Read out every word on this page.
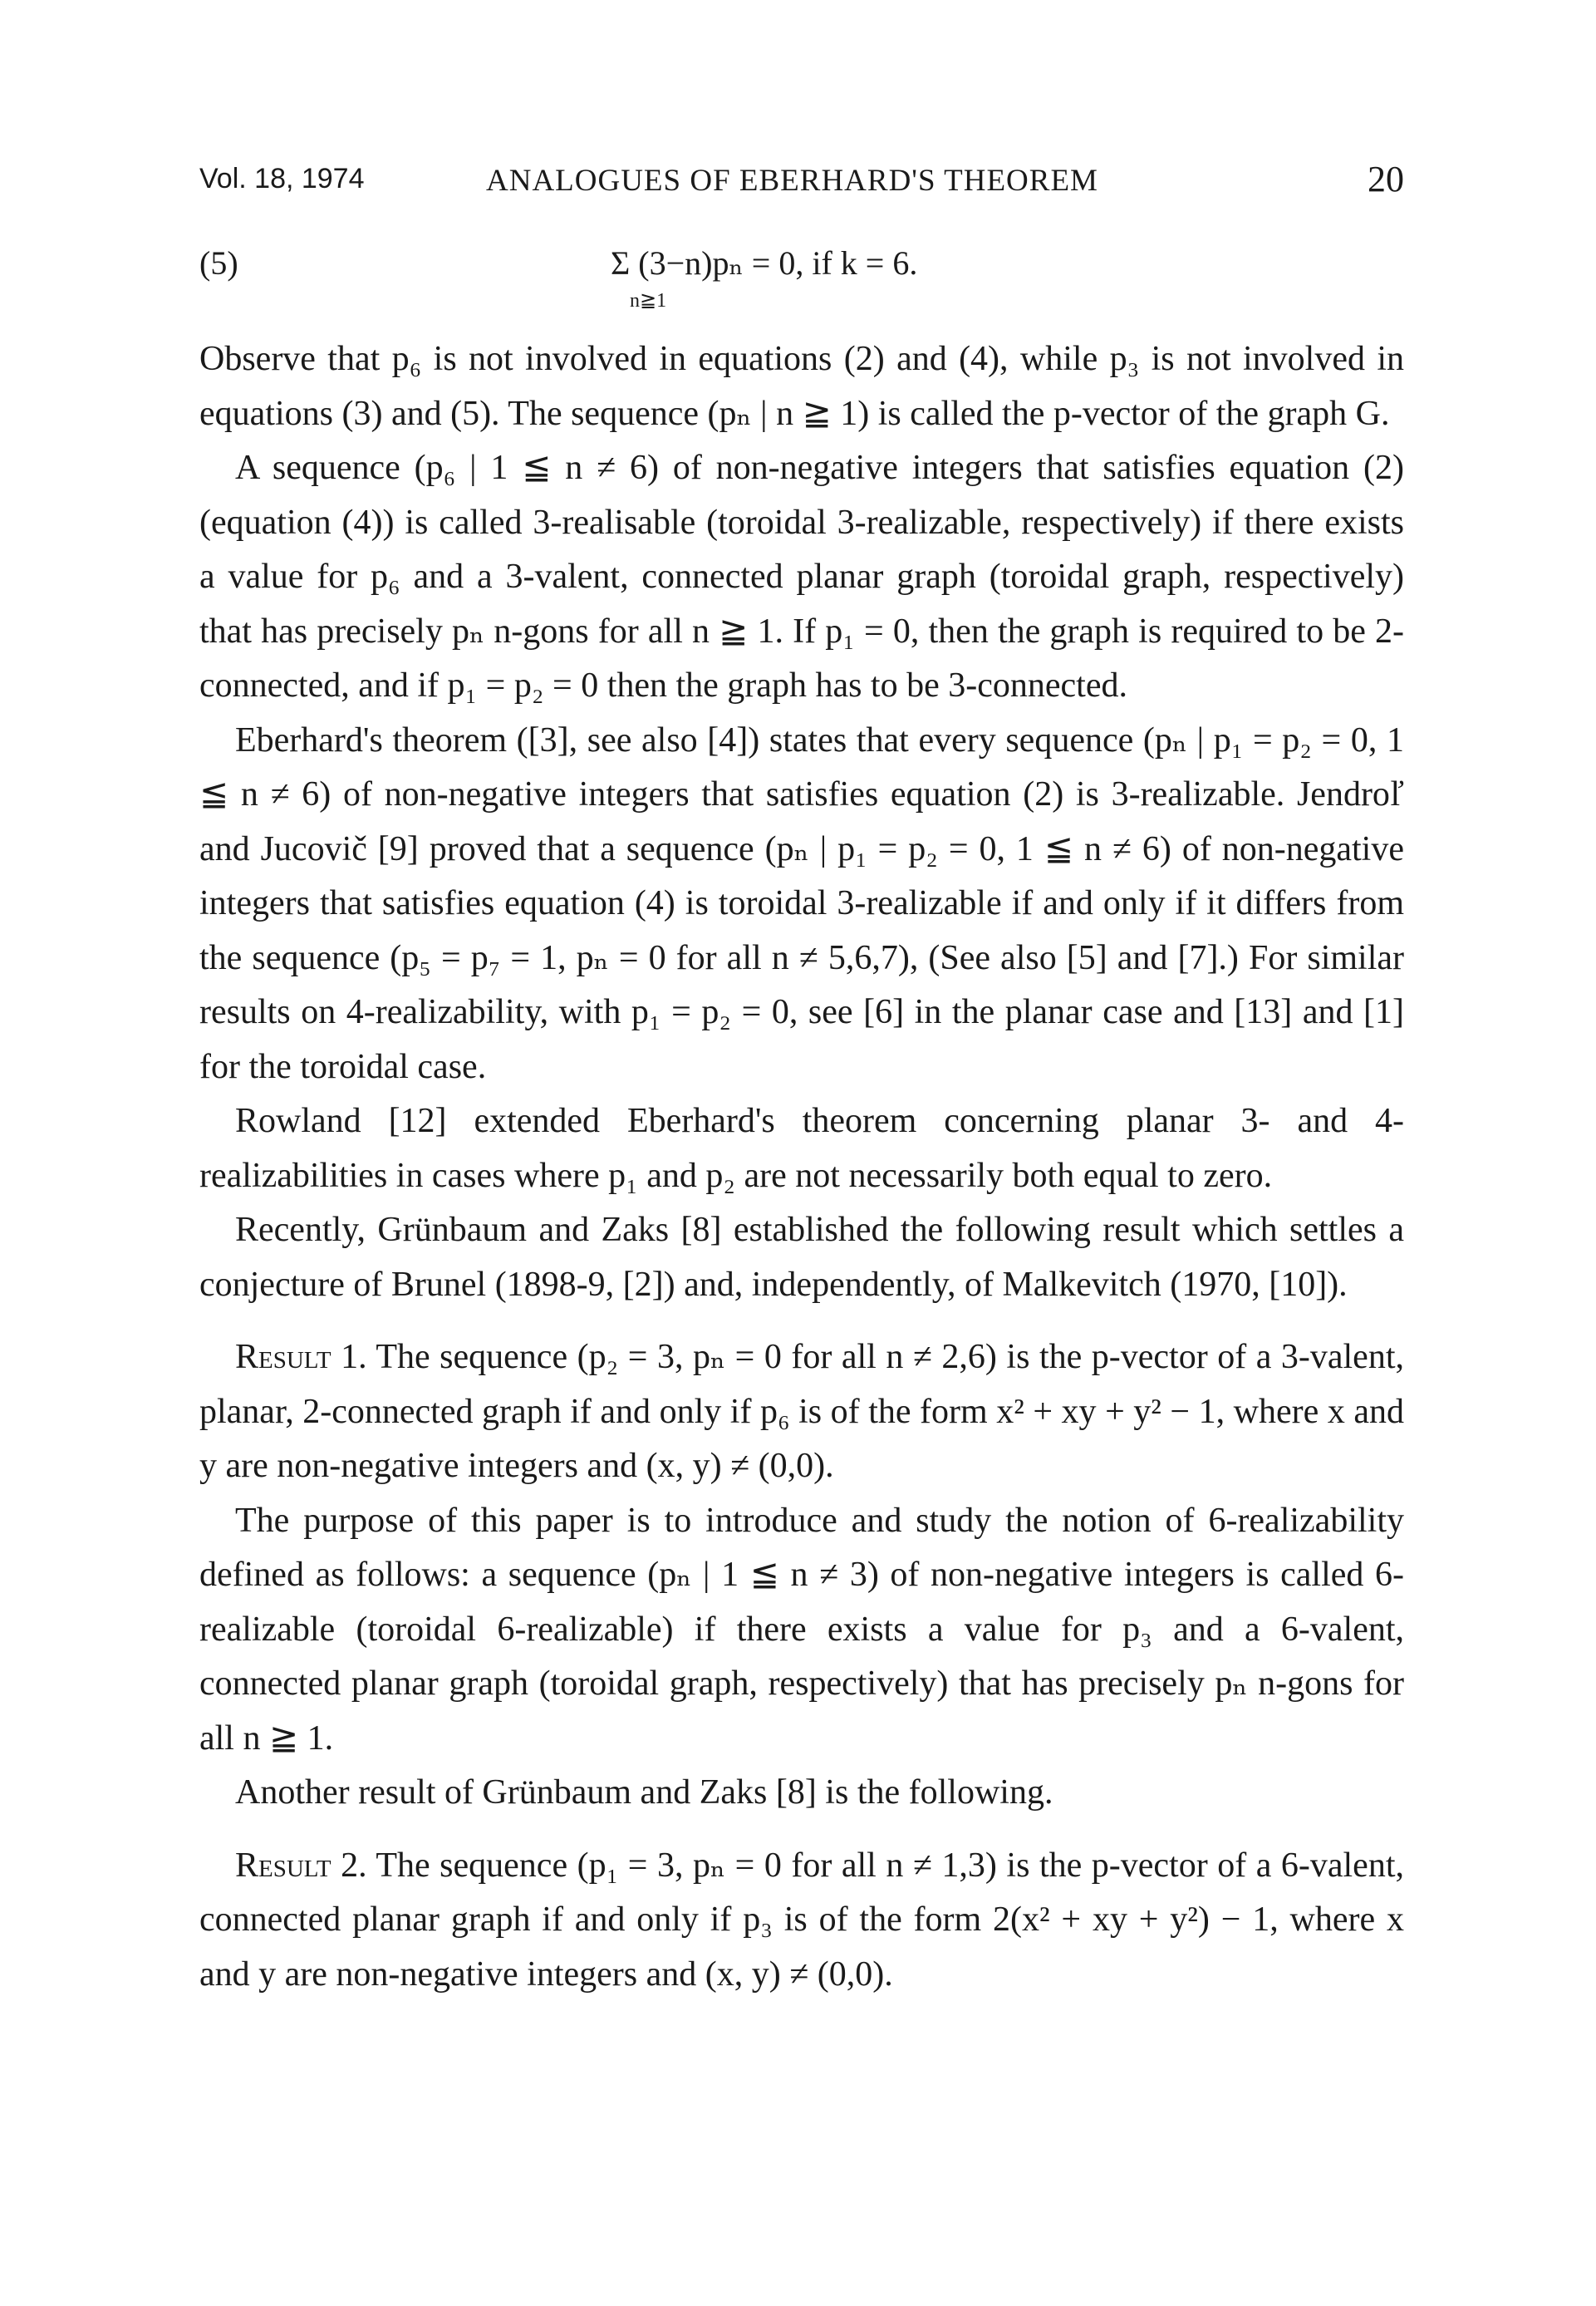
Vol. 18, 1974	ANALOGUES OF EBERHARD'S THEOREM	20
(5)	Σ (3−n)pₙ = 0, if k = 6.
n≧1

Observe that p₆ is not involved in equations (2) and (4), while p₃ is not involved in equations (3) and (5). The sequence (pₙ | n ≧ 1) is called the p-vector of the graph G.

A sequence (p₆ | 1 ≦ n ≠ 6) of non-negative integers that satisfies equation (2) (equation (4)) is called 3-realisable (toroidal 3-realizable, respectively) if there exists a value for p₆ and a 3-valent, connected planar graph (toroidal graph, respectively) that has precisely pₙ n-gons for all n ≧ 1. If p₁ = 0, then the graph is required to be 2-connected, and if p₁ = p₂ = 0 then the graph has to be 3-connected.

Eberhard's theorem ([3], see also [4]) states that every sequence (pₙ | p₁ = p₂ = 0, 1 ≦ n ≠ 6) of non-negative integers that satisfies equation (2) is 3-realizable. Jendroľ and Jucovič [9] proved that a sequence (pₙ | p₁ = p₂ = 0, 1 ≦ n ≠ 6) of non-negative integers that satisfies equation (4) is toroidal 3-realizable if and only if it differs from the sequence (p₅ = p₇ = 1, pₙ = 0 for all n ≠ 5,6,7), (See also [5] and [7].) For similar results on 4-realizability, with p₁ = p₂ = 0, see [6] in the planar case and [13] and [1] for the toroidal case.

Rowland [12] extended Eberhard's theorem concerning planar 3- and 4-realizabilities in cases where p₁ and p₂ are not necessarily both equal to zero.

Recently, Grünbaum and Zaks [8] established the following result which settles a conjecture of Brunel (1898-9, [2]) and, independently, of Malkevitch (1970, [10]).

Result 1. The sequence (p₂ = 3, pₙ = 0 for all n ≠ 2,6) is the p-vector of a 3-valent, planar, 2-connected graph if and only if p₆ is of the form x² + xy + y² − 1, where x and y are non-negative integers and (x, y) ≠ (0,0).

The purpose of this paper is to introduce and study the notion of 6-realizability defined as follows: a sequence (pₙ | 1 ≦ n ≠ 3) of non-negative integers is called 6-realizable (toroidal 6-realizable) if there exists a value for p₃ and a 6-valent, connected planar graph (toroidal graph, respectively) that has precisely pₙ n-gons for all n ≧ 1.

Another result of Grünbaum and Zaks [8] is the following.

Result 2. The sequence (p₁ = 3, pₙ = 0 for all n ≠ 1,3) is the p-vector of a 6-valent, connected planar graph if and only if p₃ is of the form 2(x² + xy + y²) − 1, where x and y are non-negative integers and (x, y) ≠ (0,0).
